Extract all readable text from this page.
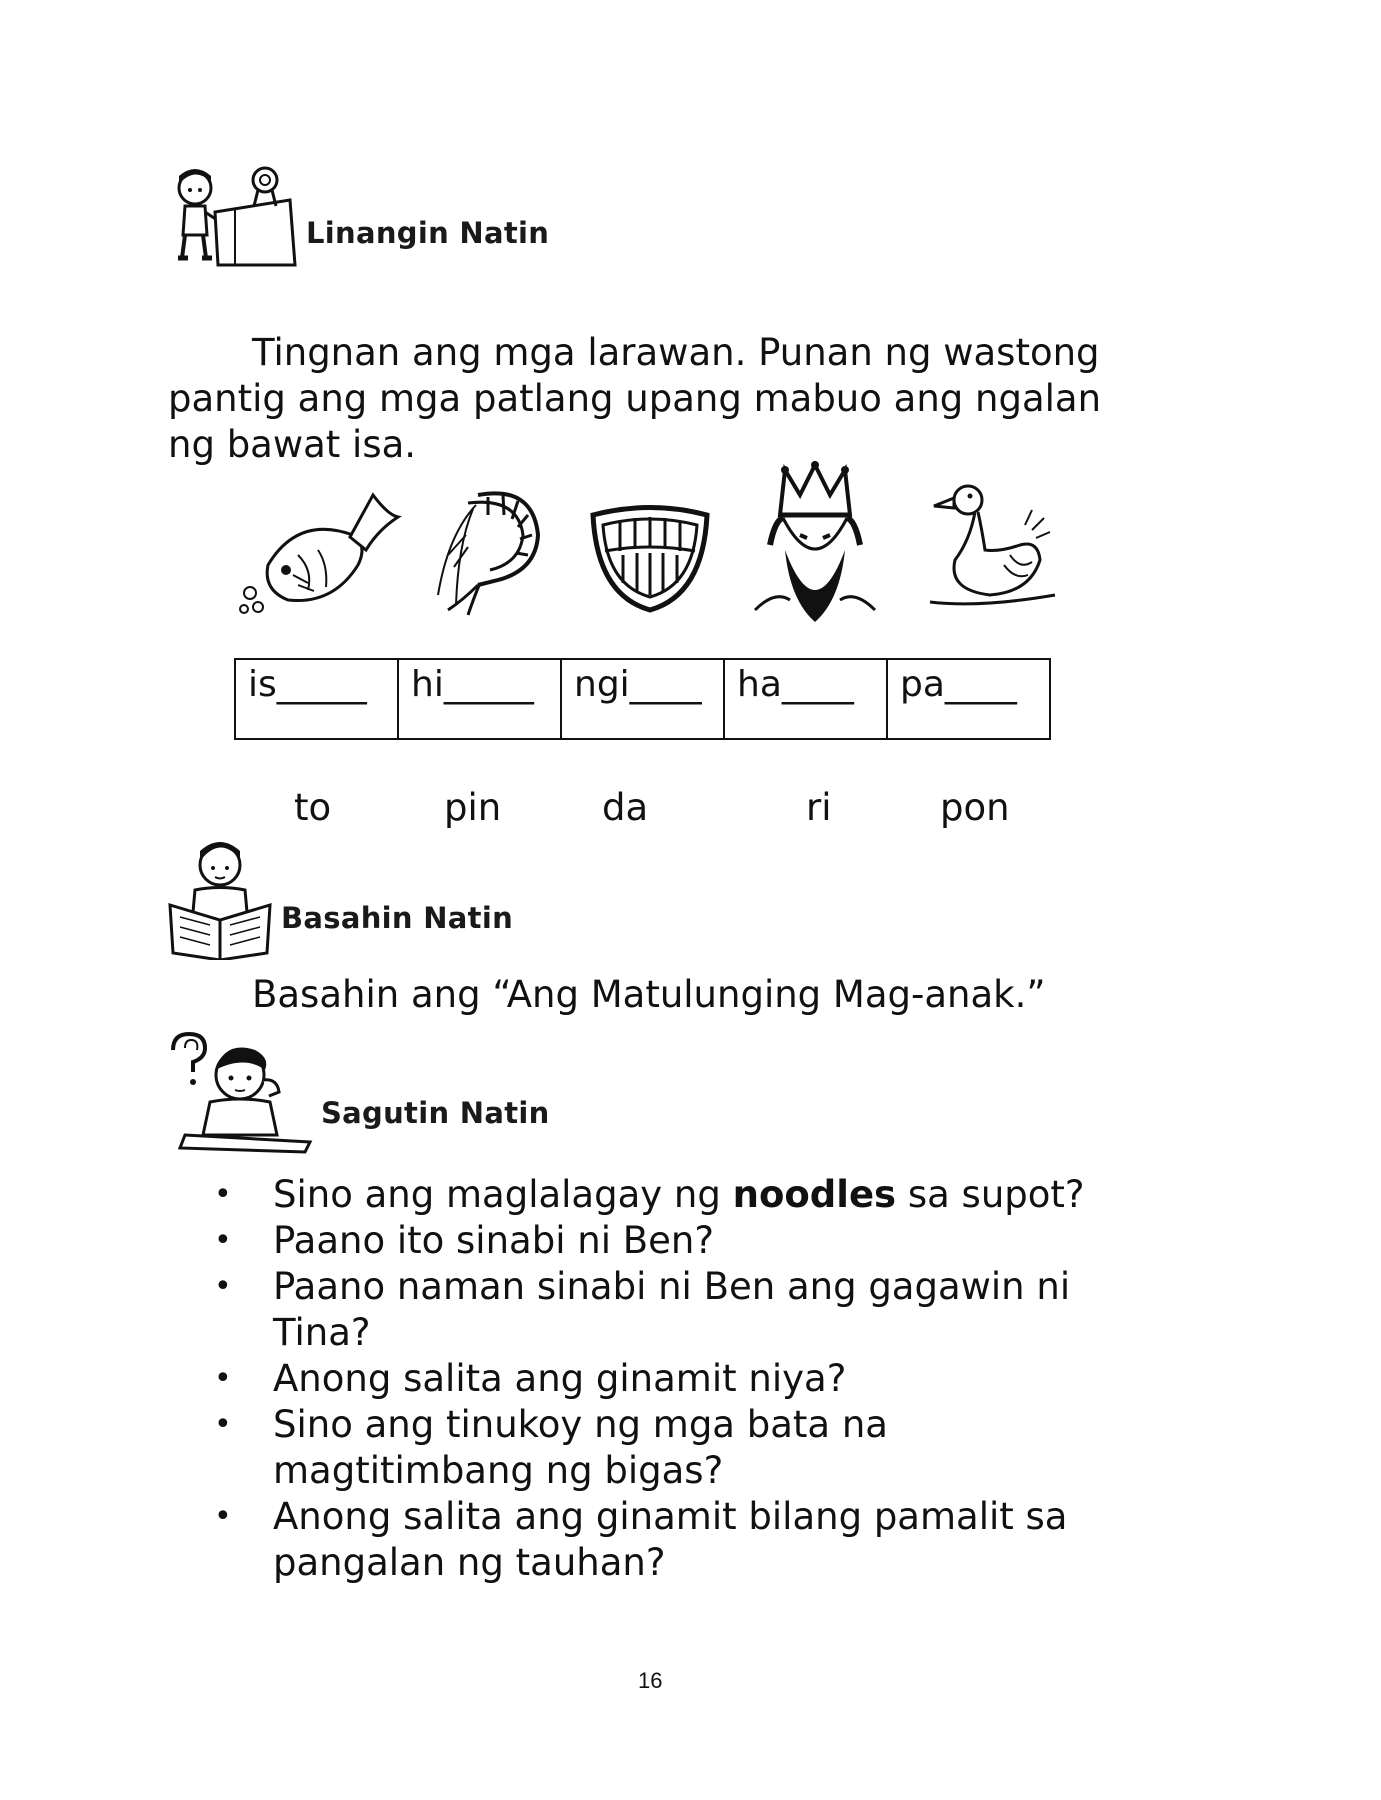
Linangin Natin
Tingnan ang mga larawan. Punan ng wastong
pantig ang mga patlang upang mabuo ang ngalan
ng bawat isa.
is_____	hi_____	ngi____	ha____	pa____
to	pin	da	ri	pon
Basahin Natin
Basahin ang “Ang Matulunging Mag-anak.”
Sagutin Natin
• Sino ang maglalagay ng noodles sa supot?
• Paano ito sinabi ni Ben?
• Paano naman sinabi ni Ben ang gagawin ni
Tina?
• Anong salita ang ginamit niya?
• Sino ang tinukoy ng mga bata na
magtitimbang ng bigas?
• Anong salita ang ginamit bilang pamalit sa
pangalan ng tauhan?
16
